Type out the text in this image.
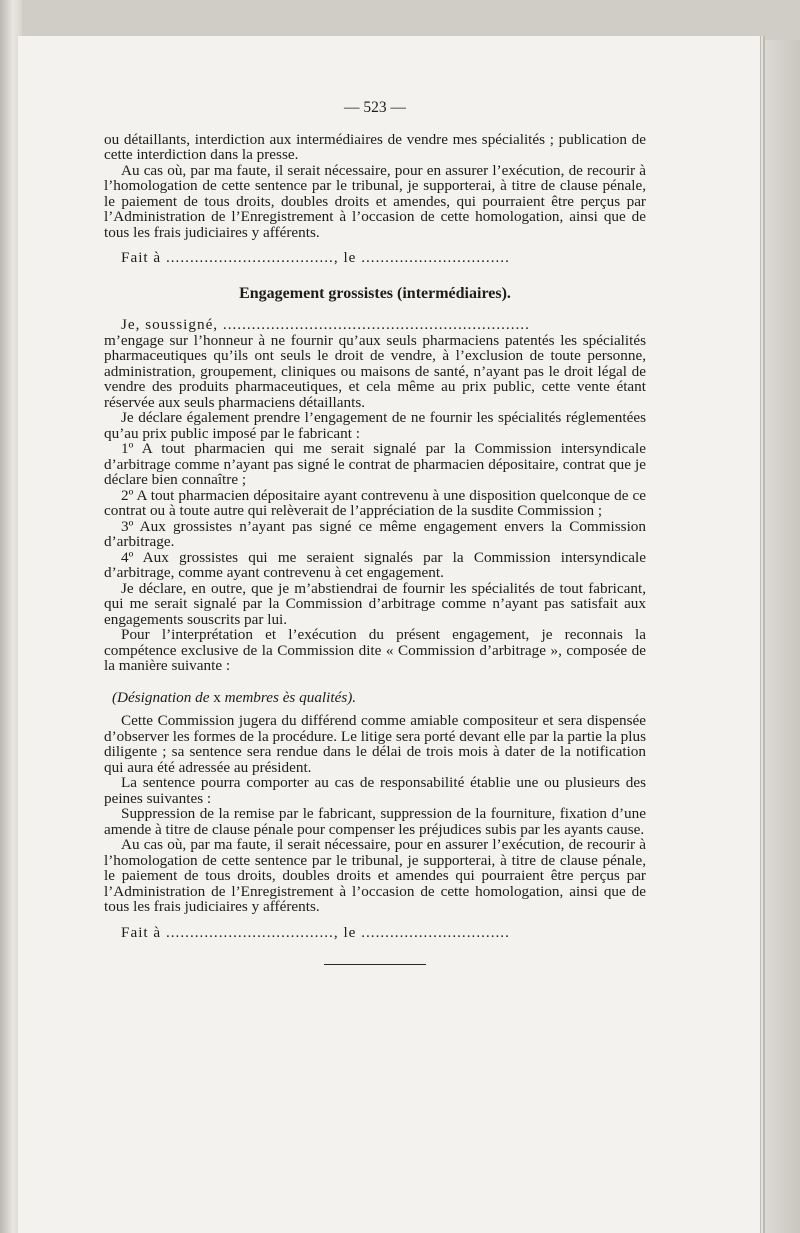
— 523 —

ou détaillants, interdiction aux intermédiaires de vendre mes spécialités ; publication de cette interdiction dans la presse.

Au cas où, par ma faute, il serait nécessaire, pour en assurer l’exécution, de recourir à l’homologation de cette sentence par le tribunal, je supporterai, à titre de clause pénale, le paiement de tous droits, doubles droits et amendes, qui pourraient être perçus par l’Administration de l’Enregistrement à l’occasion de cette homologation, ainsi que de tous les frais judiciaires y afférents.

Fait à ..................................., le ...............................

Engagement grossistes (intermédiaires).

Je, soussigné, ................................................................

m’engage sur l’honneur à ne fournir qu’aux seuls pharmaciens patentés les spécialités pharmaceutiques qu’ils ont seuls le droit de vendre, à l’exclusion de toute personne, administration, groupement, cliniques ou maisons de santé, n’ayant pas le droit légal de vendre des produits pharmaceutiques, et cela même au prix public, cette vente étant réservée aux seuls pharmaciens détaillants.

Je déclare également prendre l’engagement de ne fournir les spécialités réglementées qu’au prix public imposé par le fabricant :

1º A tout pharmacien qui me serait signalé par la Commission intersyndicale d’arbitrage comme n’ayant pas signé le contrat de pharmacien dépositaire, contrat que je déclare bien connaître ;

2º A tout pharmacien dépositaire ayant contrevenu à une disposition quelconque de ce contrat ou à toute autre qui relèverait de l’appréciation de la susdite Commission ;

3º Aux grossistes n’ayant pas signé ce même engagement envers la Commission d’arbitrage.

4º Aux grossistes qui me seraient signalés par la Commission intersyndicale d’arbitrage, comme ayant contrevenu à cet engagement.

Je déclare, en outre, que je m’abstiendrai de fournir les spécialités de tout fabricant, qui me serait signalé par la Commission d’arbitrage comme n’ayant pas satisfait aux engagements souscrits par lui.

Pour l’interprétation et l’exécution du présent engagement, je reconnais la compétence exclusive de la Commission dite « Commission d’arbitrage », composée de la manière suivante :

(Désignation de x membres ès qualités).

Cette Commission jugera du différend comme amiable compositeur et sera dispensée d’observer les formes de la procédure. Le litige sera porté devant elle par la partie la plus diligente ; sa sentence sera rendue dans le délai de trois mois à dater de la notification qui aura été adressée au président.

La sentence pourra comporter au cas de responsabilité établie une ou plusieurs des peines suivantes :

Suppression de la remise par le fabricant, suppression de la fourniture, fixation d’une amende à titre de clause pénale pour compenser les préjudices subis par les ayants cause.

Au cas où, par ma faute, il serait nécessaire, pour en assurer l’exécution, de recourir à l’homologation de cette sentence par le tribunal, je supporterai, à titre de clause pénale, le paiement de tous droits, doubles droits et amendes qui pourraient être perçus par l’Administration de l’Enregistrement à l’occasion de cette homologation, ainsi que de tous les frais judiciaires y afférents.

Fait à ..................................., le ...............................
